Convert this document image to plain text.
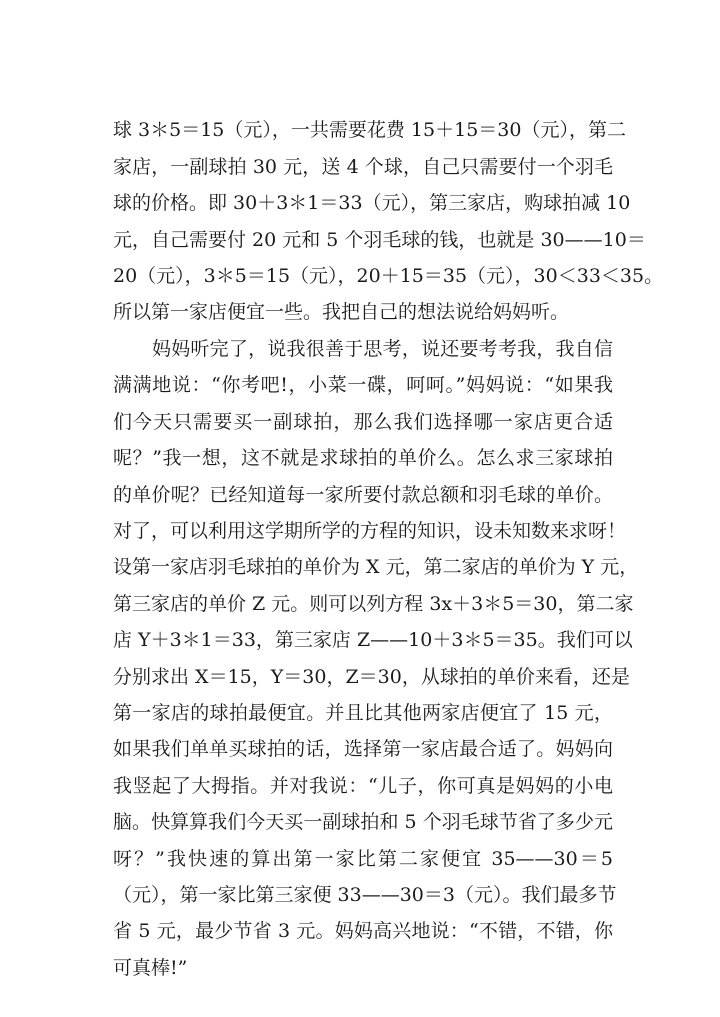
球 3＊5＝15（元），一共需要花费 15＋15＝30（元），第二
家店，一副球拍 30 元，送 4 个球，自己只需要付一个羽毛
球的价格。即 30＋3＊1＝33（元），第三家店，购球拍减 10
元，自己需要付 20 元和 5 个羽毛球的钱，也就是 30——10＝
20（元），3＊5＝15（元），20＋15＝35（元），30＜33＜35。
所以第一家店便宜一些。我把自己的想法说给妈妈听。
妈妈听完了，说我很善于思考，说还要考考我，我自信
满满地说：“你考吧!，小菜一碟，呵呵。”妈妈说：“如果我
们今天只需要买一副球拍，那么我们选择哪一家店更合适
呢？”我一想，这不就是求球拍的单价么。怎么求三家球拍
的单价呢？已经知道每一家所要付款总额和羽毛球的单价。
对了，可以利用这学期所学的方程的知识，设未知数来求呀！
设第一家店羽毛球拍的单价为 X 元，第二家店的单价为 Y 元，
第三家店的单价 Z 元。则可以列方程 3x＋3＊5＝30，第二家
店 Y＋3＊1＝33，第三家店 Z——10＋3＊5＝35。我们可以
分别求出 X＝15，Y＝30，Z＝30，从球拍的单价来看，还是
第一家店的球拍最便宜。并且比其他两家店便宜了 15 元，
如果我们单单买球拍的话，选择第一家店最合适了。妈妈向
我竖起了大拇指。并对我说：“儿子，你可真是妈妈的小电
脑。快算算我们今天买一副球拍和 5 个羽毛球节省了多少元
呀？”我快速的算出第一家比第二家便宜 35——30＝5
（元），第一家比第三家便 33——30＝3（元）。我们最多节
省 5 元，最少节省 3 元。妈妈高兴地说：“不错，不错，你
可真棒!”
